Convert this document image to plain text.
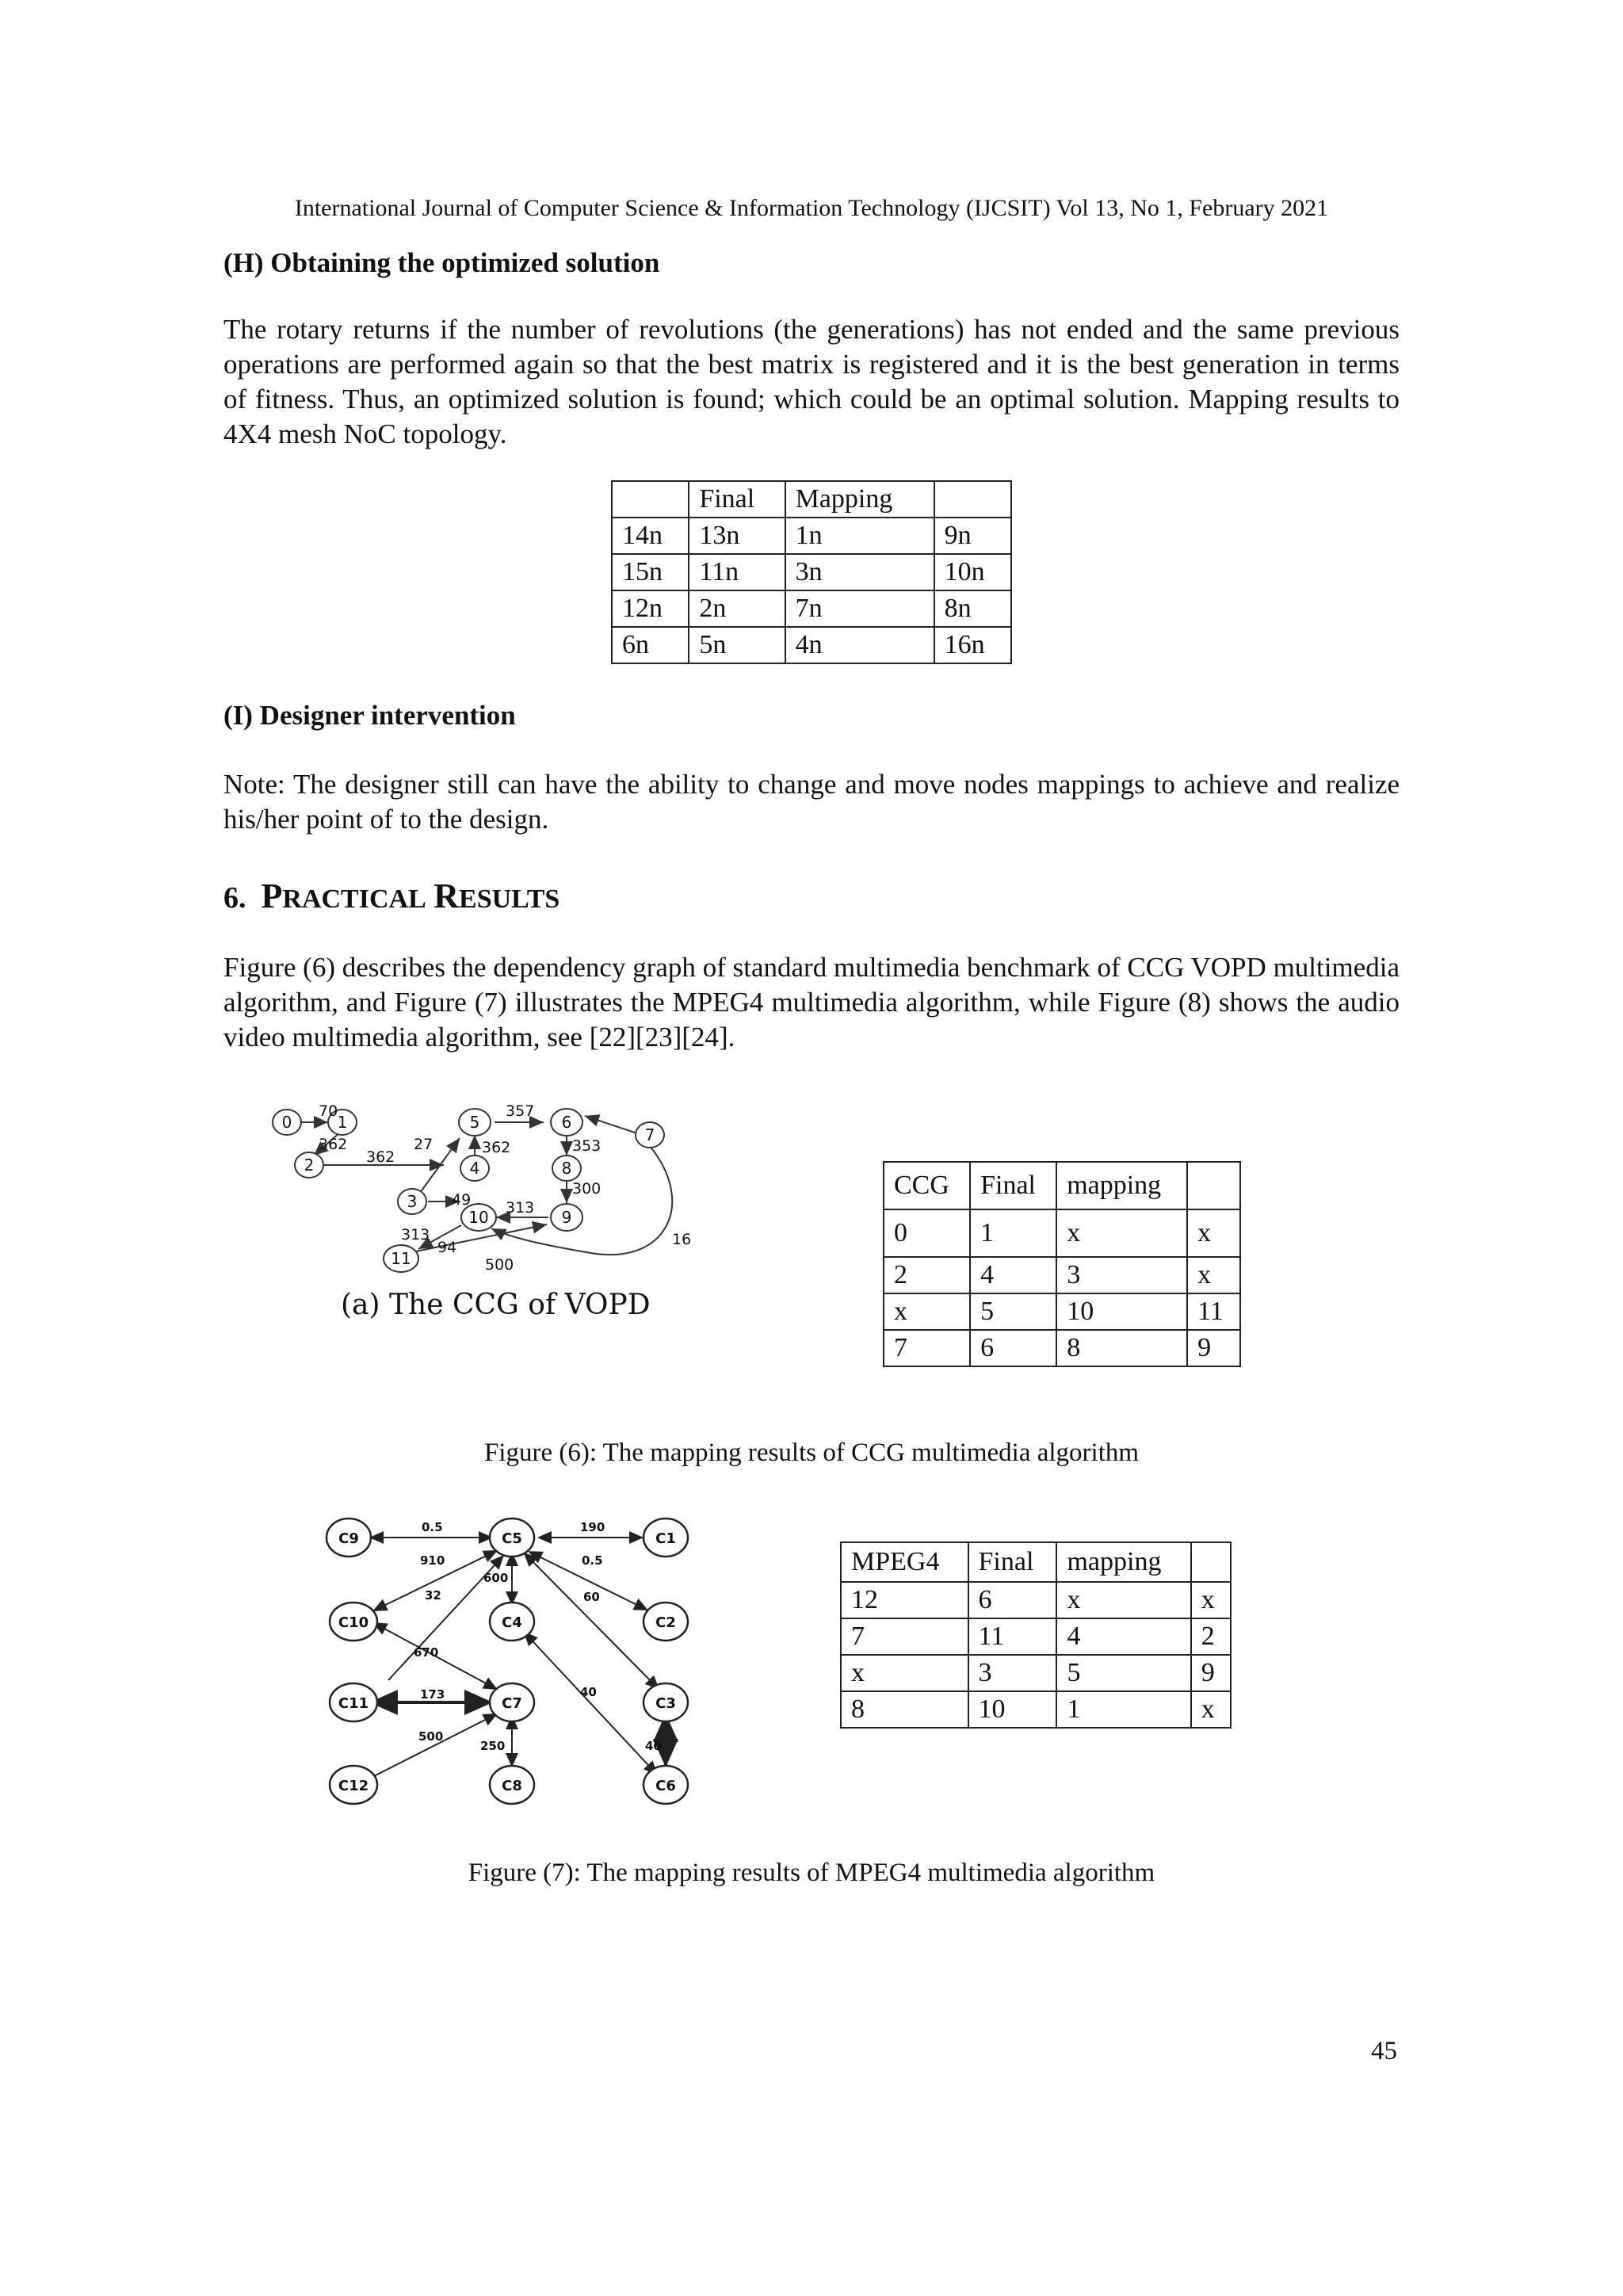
International Journal of Computer Science & Information Technology (IJCSIT) Vol 13, No 1, February 2021
(H) Obtaining the optimized solution
The rotary returns if the number of revolutions (the generations) has not ended and the same previous operations are performed again so that the best matrix is registered and it is the best generation in terms of fitness. Thus, an optimized solution is found; which could be an optimal solution. Mapping results to 4X4 mesh NoC topology.
	Final	Mapping	
14n	13n	1n	9n
15n	11n	3n	10n
12n	2n	7n	8n
6n	5n	4n	16n
(I) Designer intervention
Note: The designer still can have the ability to change and move nodes mappings to achieve and realize his/her point of to the design.
6. PRACTICAL RESULTS
Figure (6) describes the dependency graph of standard multimedia benchmark of CCG VOPD multimedia algorithm, and Figure (7) illustrates the MPEG4 multimedia algorithm, while Figure (8) shows the audio video multimedia algorithm, see [22][23][24].
0	1
2
3
4
5	6
7
8
9
10
11
70
362
362
27	362
357
353
49
300
313
313
94
500
16
(a) The CCG of VOPD
CCG	Final	mapping	
0	1	x	x
2	4	3	x
x	5	10	11
7	6	8	9
Figure (6): The mapping results of CCG multimedia algorithm
C9	C5	C1
C10	C4	C2
C11	C7	C3
C12	C8	C6
0.5	190
910	0.5
600
32	60
670
173	40
500
250	40
MPEG4	Final	mapping	
12	6	x	x
7	11	4	2
x	3	5	9
8	10	1	x
Figure (7): The mapping results of MPEG4 multimedia algorithm
45
